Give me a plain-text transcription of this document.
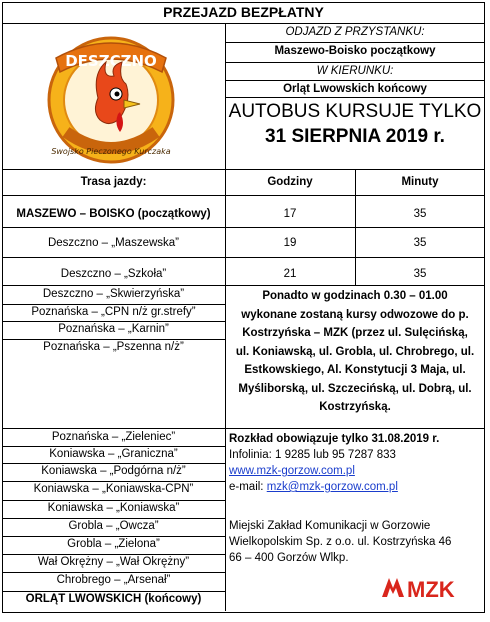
PRZEJAZD BEZPŁATNY
DESZCZNO
Swojsko Pieczonego Kurczaka
ODJAZD Z PRZYSTANKU:
Maszewo-Boisko początkowy
W KIERUNKU:
Orląt Lwowskich końcowy
AUTOBUS KURSUJE TYLKO
31 SIERPNIA 2019 r.
Trasa jazdy:	Godziny	Minuty
MASZEWO – BOISKO (początkowy)	17	35
Deszczno – „Maszewska”	19	35
Deszczno – „Szkoła”	21	35
Deszczno – „Skwierzyńska”
Poznańska – „CPN n/ż gr.strefy”
Poznańska – „Karnin”
Poznańska – „Pszenna n/ż”
Ponadto w godzinach 0.30 – 01.00
wykonane zostaną kursy odwozowe do p.
Kostrzyńska – MZK (przez ul. Sulęcińską,
ul. Koniawską, ul. Grobla, ul. Chrobrego, ul.
Estkowskiego, Al. Konstytucji 3 Maja, ul.
Myśliborską, ul. Szczecińską, ul. Dobrą, ul.
Kostrzyńską.
Poznańska – „Zieleniec”
Koniawska – „Graniczna”
Koniawska – „Podgórna n/ż”
Koniawska – „Koniawska-CPN”
Koniawska – „Koniawska”
Grobla – „Owcza”
Grobla – „Zielona”
Wał Okrężny – „Wał Okrężny”
Chrobrego – „Arsenał”
ORLĄT LWOWSKICH (końcowy)
Rozkład obowiązuje tylko 31.08.2019 r.
Infolinia: 1 9285 lub 95 7287 833
www.mzk-gorzow.com.pl
e-mail: mzk@mzk-gorzow.com.pl
Miejski Zakład Komunikacji w Gorzowie
Wielkopolskim Sp. z o.o. ul. Kostrzyńska 46
66 – 400 Gorzów Wlkp.
MZK
